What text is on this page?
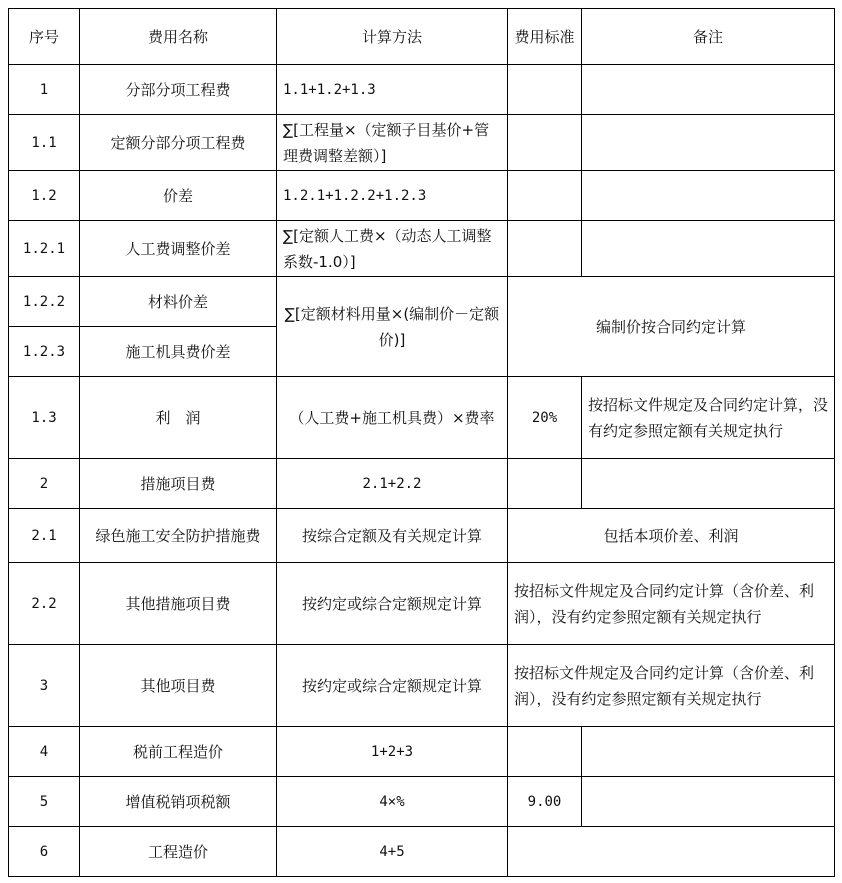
序号	费用名称	计算方法	费用标准	备注
1	分部分项工程费	1.1+1.2+1.3		
1.1	定额分部分项工程费	∑[工程量×（定额子目基价+管理费调整差额）]		
1.2	价差	1.2.1+1.2.2+1.2.3		
1.2.1	人工费调整价差	∑[定额人工费×（动态人工调整系数-1.0）]		
1.2.2	材料价差	∑[定额材料用量×(编制价－定额价)]	编制价按合同约定计算	
1.2.3	施工机具费价差			
1.3	利　润	（人工费+施工机具费）×费率	20%	按招标文件规定及合同约定计算，没有约定参照定额有关规定执行
2	措施项目费	2.1+2.2		
2.1	绿色施工安全防护措施费	按综合定额及有关规定计算	包括本项价差、利润	
2.2	其他措施项目费	按约定或综合定额规定计算	按招标文件规定及合同约定计算（含价差、利润），没有约定参照定额有关规定执行	
3	其他项目费	按约定或综合定额规定计算	按招标文件规定及合同约定计算（含价差、利润），没有约定参照定额有关规定执行	
4	税前工程造价	1+2+3		
5	增值税销项税额	4×%	9.00	
6	工程造价	4+5		
